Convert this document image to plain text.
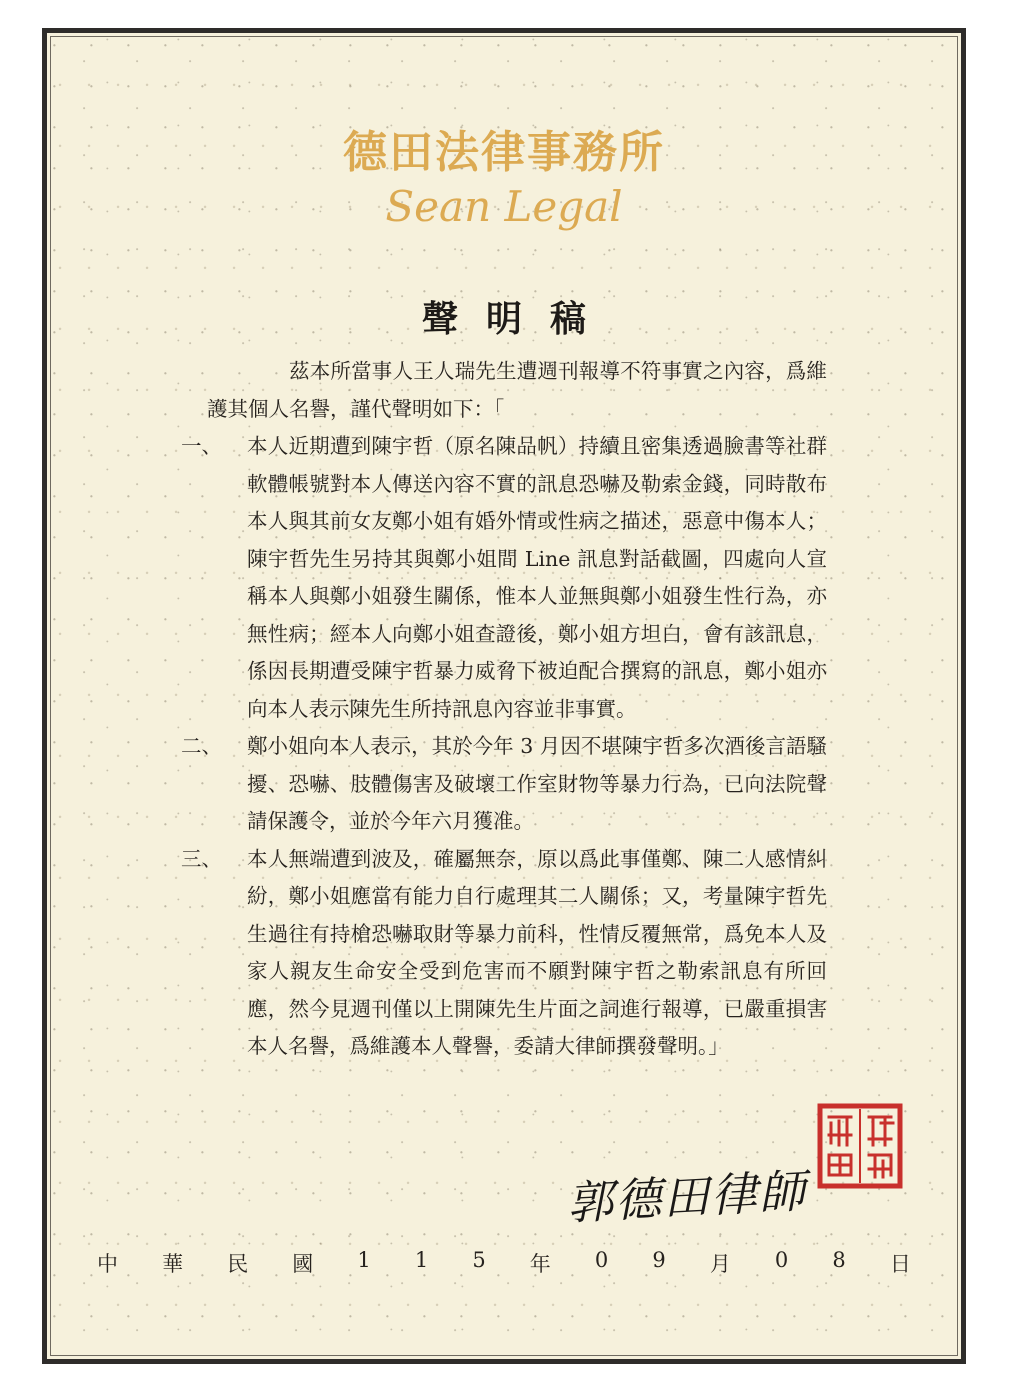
德田法律事務所
Sean Legal
聲明稿

茲本所當事人王人瑞先生遭週刊報導不符事實之內容，爲維護其個人名譽，謹代聲明如下：「

一、	本人近期遭到陳宇哲（原名陳品帆）持續且密集透過臉書等社群軟體帳號對本人傳送內容不實的訊息恐嚇及勒索金錢，同時散布本人與其前女友鄭小姐有婚外情或性病之描述，惡意中傷本人；陳宇哲先生另持其與鄭小姐間 Line 訊息對話截圖，四處向人宣稱本人與鄭小姐發生關係，惟本人並無與鄭小姐發生性行為，亦無性病；經本人向鄭小姐查證後，鄭小姐方坦白，會有該訊息，係因長期遭受陳宇哲暴力威脅下被迫配合撰寫的訊息，鄭小姐亦向本人表示陳先生所持訊息內容並非事實。
二、	鄭小姐向本人表示，其於今年 3 月因不堪陳宇哲多次酒後言語騷擾、恐嚇、肢體傷害及破壞工作室財物等暴力行為，已向法院聲請保護令，並於今年六月獲准。
三、	本人無端遭到波及，確屬無奈，原以爲此事僅鄭、陳二人感情糾紛，鄭小姐應當有能力自行處理其二人關係；又，考量陳宇哲先生過往有持槍恐嚇取財等暴力前科，性情反覆無常，爲免本人及家人親友生命安全受到危害而不願對陳宇哲之勒索訊息有所回應，然今見週刊僅以上開陳先生片面之詞進行報導，已嚴重損害本人名譽，爲維護本人聲譽，委請大律師撰發聲明。」
郭德田律師
中 華 民 國 1 1 5 年 0 9 月 0 8 日
